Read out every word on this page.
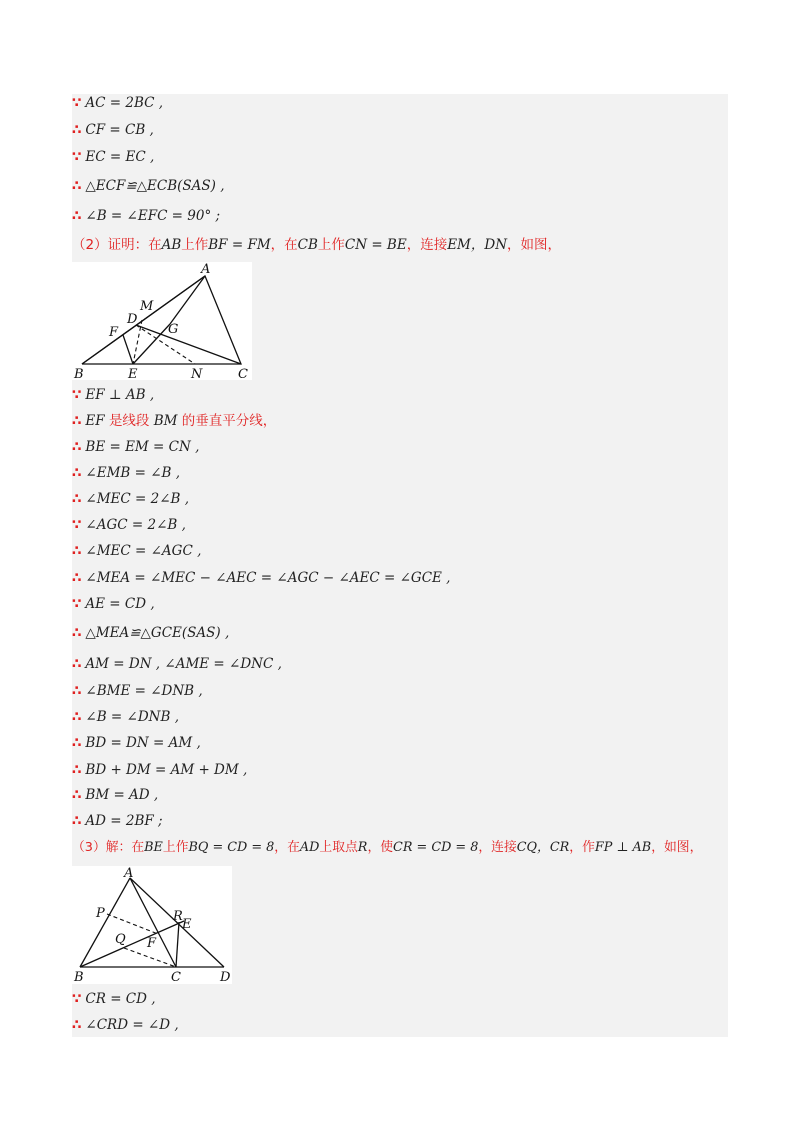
∵ AC = 2BC ,
∴ CF = CB ,
∵ EC = EC ,
∴ △ECF≌△ECB(SAS) ,
∴ ∠B = ∠EFC = 90° ;
（2）证明：在AB上作BF = FM，在CB上作CN = BE，连接EM，DN，如图，
A
M
D
F	G
B	E	N	C
∵ EF ⊥ AB ,
∴ EF 是线段 BM 的垂直平分线，
∴ BE = EM = CN ,
∴ ∠EMB = ∠B ,
∴ ∠MEC = 2∠B ,
∵ ∠AGC = 2∠B ,
∴ ∠MEC = ∠AGC ,
∴ ∠MEA = ∠MEC − ∠AEC = ∠AGC − ∠AEC = ∠GCE ,
∵ AE = CD ,
∴ △MEA≌△GCE(SAS) ,
∴ AM = DN , ∠AME = ∠DNC ,
∴ ∠BME = ∠DNB ,
∴ ∠B = ∠DNB ,
∴ BD = DN = AM ,
∴ BD + DM = AM + DM ,
∴ BM = AD ,
∴ AD = 2BF ;
（3）解：在BE上作BQ = CD = 8，在AD上取点R，使CR = CD = 8，连接CQ，CR，作FP ⊥ AB，如图，
A
P	R
E
Q F
B	C	D
∵ CR = CD ,
∴ ∠CRD = ∠D ,
